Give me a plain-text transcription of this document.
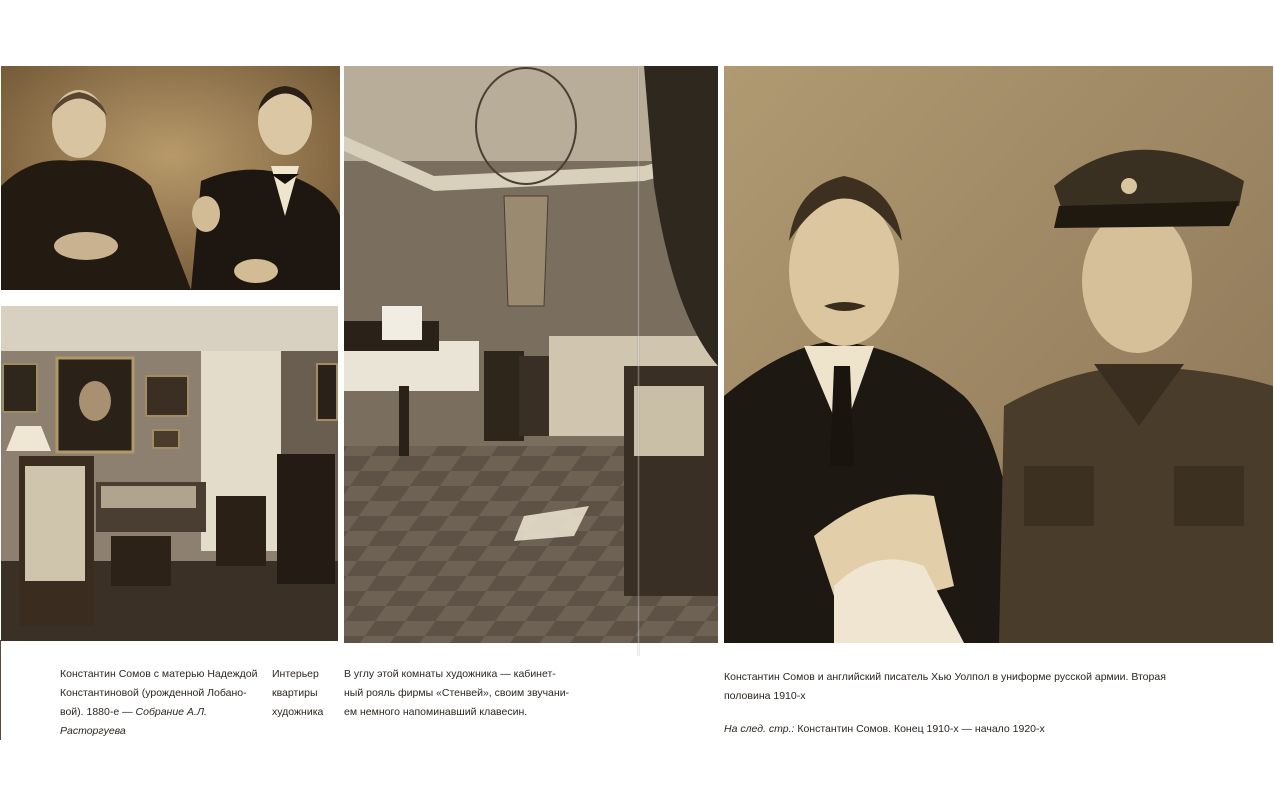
Константин Сомов с матерью Надеждой
Константиновой (урожденной Лобано-
вой). 1880-е — Собрание А.Л. Расторгуева
Интерьер
квартиры
художника
В углу этой комнаты художника — кабинет-
ный рояль фирмы «Стенвей», своим звучани-
ем немного напоминавший клавесин.
Константин Сомов и английский писатель Хью Уолпол в униформе русской армии. Вторая
половина 1910-х
На след. стр.: Константин Сомов. Конец 1910-х — начало 1920-х
